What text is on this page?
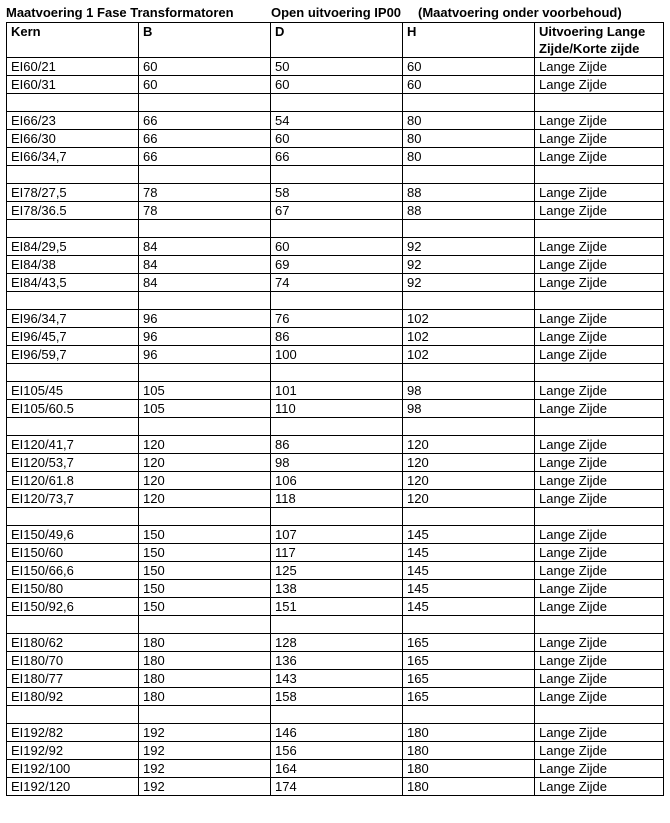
Maatvoering 1 Fase Transformatoren	Open uitvoering IP00 (Maatvoering onder voorbehoud)
Kern	B	D	H	Uitvoering Lange Zijde/Korte zijde
EI60/21	60	50	60	Lange Zijde
EI60/31	60	60	60	Lange Zijde

EI66/23	66	54	80	Lange Zijde
EI66/30	66	60	80	Lange Zijde
EI66/34,7	66	66	80	Lange Zijde

EI78/27,5	78	58	88	Lange Zijde
EI78/36.5	78	67	88	Lange Zijde

EI84/29,5	84	60	92	Lange Zijde
EI84/38	84	69	92	Lange Zijde
EI84/43,5	84	74	92	Lange Zijde

EI96/34,7	96	76	102	Lange Zijde
EI96/45,7	96	86	102	Lange Zijde
EI96/59,7	96	100	102	Lange Zijde

EI105/45	105	101	98	Lange Zijde
EI105/60.5	105	110	98	Lange Zijde

EI120/41,7	120	86	120	Lange Zijde
EI120/53,7	120	98	120	Lange Zijde
EI120/61.8	120	106	120	Lange Zijde
EI120/73,7	120	118	120	Lange Zijde

EI150/49,6	150	107	145	Lange Zijde
EI150/60	150	117	145	Lange Zijde
EI150/66,6	150	125	145	Lange Zijde
EI150/80	150	138	145	Lange Zijde
EI150/92,6	150	151	145	Lange Zijde

EI180/62	180	128	165	Lange Zijde
EI180/70	180	136	165	Lange Zijde
EI180/77	180	143	165	Lange Zijde
EI180/92	180	158	165	Lange Zijde

EI192/82	192	146	180	Lange Zijde
EI192/92	192	156	180	Lange Zijde
EI192/100	192	164	180	Lange Zijde
EI192/120	192	174	180	Lange Zijde
